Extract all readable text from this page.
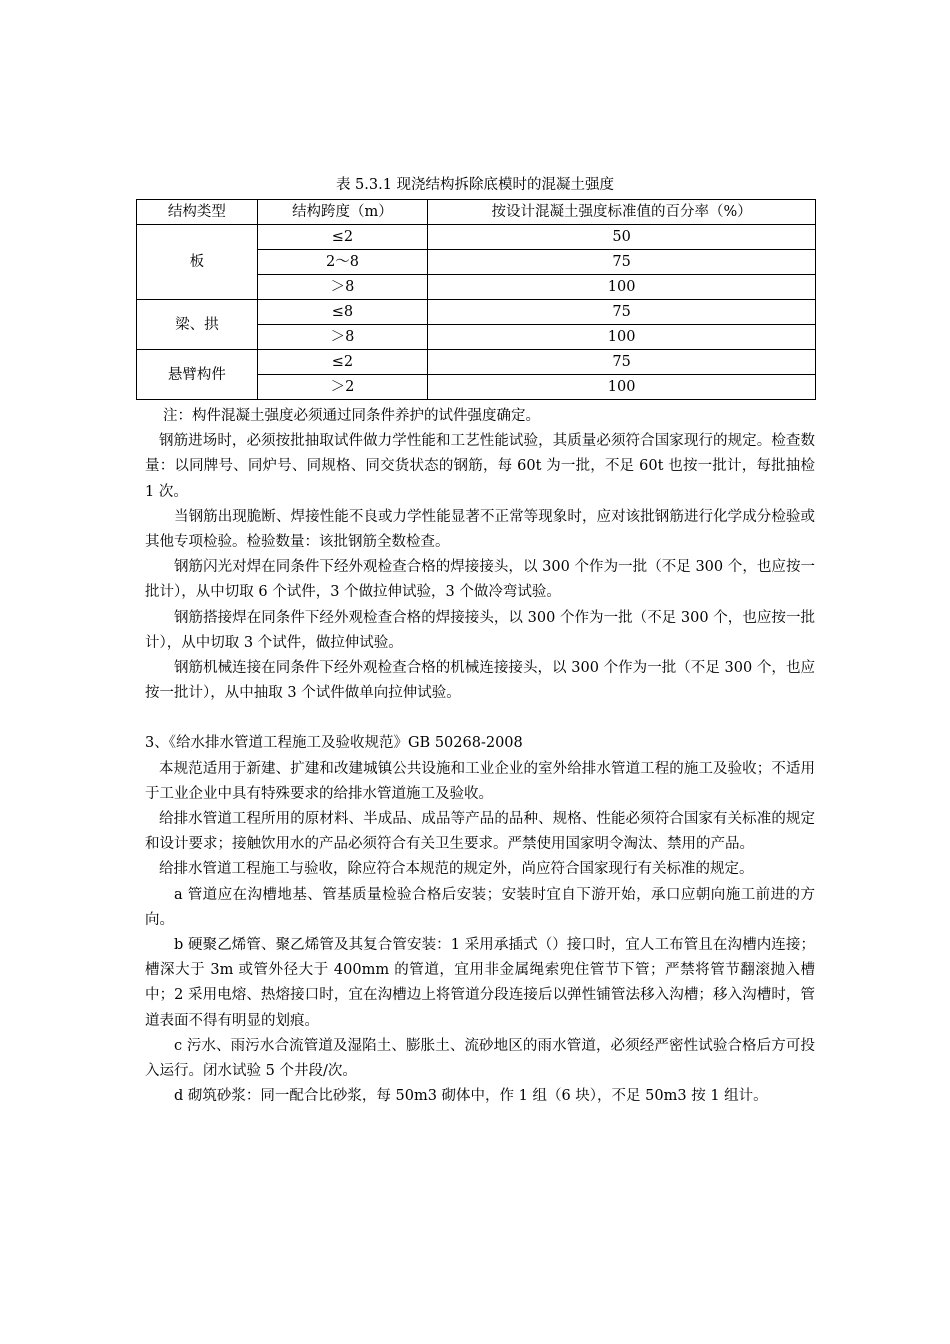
表 5.3.1 现浇结构拆除底模时的混凝土强度
结构类型	结构跨度（m）	按设计混凝土强度标准值的百分率（%）
板	≤2	50
	2～8	75
	＞8	100
梁、拱	≤8	75
	＞8	100
悬臂构件	≤2	75
	＞2	100

注：构件混凝土强度必须通过同条件养护的试件强度确定。

钢筋进场时，必须按批抽取试件做力学性能和工艺性能试验，其质量必须符合国家现行的规定。检查数量：以同牌号、同炉号、同规格、同交货状态的钢筋，每 60t 为一批，不足 60t 也按一批计，每批抽检 1 次。

当钢筋出现脆断、焊接性能不良或力学性能显著不正常等现象时，应对该批钢筋进行化学成分检验或其他专项检验。检验数量：该批钢筋全数检查。

钢筋闪光对焊在同条件下经外观检查合格的焊接接头，以 300 个作为一批（不足 300 个，也应按一批计），从中切取 6 个试件，3 个做拉伸试验，3 个做冷弯试验。

钢筋搭接焊在同条件下经外观检查合格的焊接接头，以 300 个作为一批（不足 300 个，也应按一批计），从中切取 3 个试件，做拉伸试验。

钢筋机械连接在同条件下经外观检查合格的机械连接接头，以 300 个作为一批（不足 300 个，也应按一批计），从中抽取 3 个试件做单向拉伸试验。

3、《给水排水管道工程施工及验收规范》GB 50268-2008

本规范适用于新建、扩建和改建城镇公共设施和工业企业的室外给排水管道工程的施工及验收；不适用于工业企业中具有特殊要求的给排水管道施工及验收。

给排水管道工程所用的原材料、半成品、成品等产品的品种、规格、性能必须符合国家有关标准的规定和设计要求；接触饮用水的产品必须符合有关卫生要求。严禁使用国家明令淘汰、禁用的产品。

给排水管道工程施工与验收，除应符合本规范的规定外，尚应符合国家现行有关标准的规定。

a 管道应在沟槽地基、管基质量检验合格后安装；安装时宜自下游开始，承口应朝向施工前进的方向。

b 硬聚乙烯管、聚乙烯管及其复合管安装：1 采用承插式（）接口时，宜人工布管且在沟槽内连接；槽深大于 3m 或管外径大于 400mm 的管道，宜用非金属绳索兜住管节下管；严禁将管节翻滚抛入槽中；2 采用电熔、热熔接口时，宜在沟槽边上将管道分段连接后以弹性铺管法移入沟槽；移入沟槽时，管道表面不得有明显的划痕。

c 污水、雨污水合流管道及湿陷土、膨胀土、流砂地区的雨水管道，必须经严密性试验合格后方可投入运行。闭水试验 5 个井段/次。

d 砌筑砂浆：同一配合比砂浆，每 50m3 砌体中，作 1 组（6 块），不足 50m3 按 1 组计。
